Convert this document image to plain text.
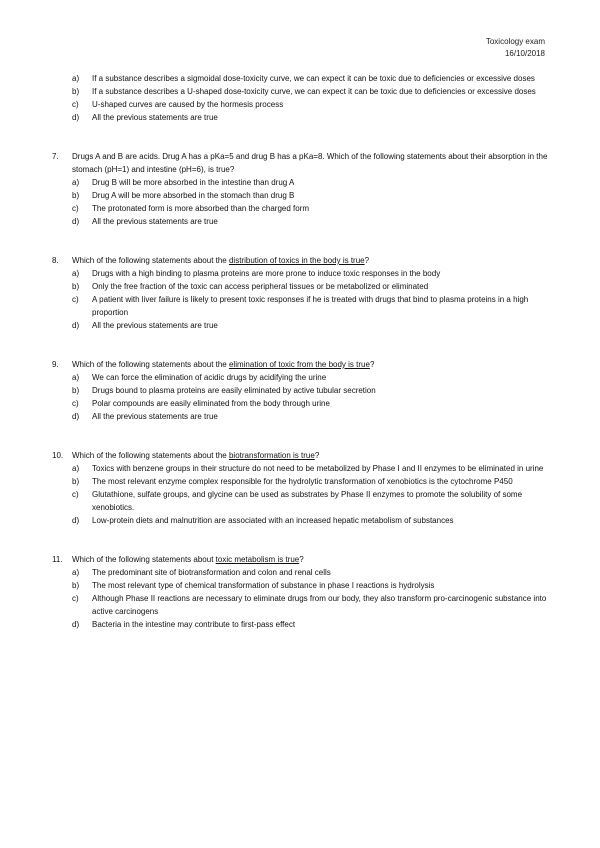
Toxicology exam
16/10/2018
a) If a substance describes a sigmoidal dose-toxicity curve, we can expect it can be toxic due to deficiencies or excessive doses
b) If a substance describes a U-shaped dose-toxicity curve, we can expect it can be toxic due to deficiencies or excessive doses
c) U-shaped curves are caused by the hormesis process
d) All the previous statements are true
7. Drugs A and B are acids. Drug A has a pKa=5 and drug B has a pKa=8. Which of the following statements about their absorption in the stomach (pH=1) and intestine (pH=6), is true?
a) Drug B will be more absorbed in the intestine than drug A
b) Drug A will be more absorbed in the stomach than drug B
c) The protonated form is more absorbed than the charged form
d) All the previous statements are true
8. Which of the following statements about the distribution of toxics in the body is true?
a) Drugs with a high binding to plasma proteins are more prone to induce toxic responses in the body
b) Only the free fraction of the toxic can access peripheral tissues or be metabolized or eliminated
c) A patient with liver failure is likely to present toxic responses if he is treated with drugs that bind to plasma proteins in a high proportion
d) All the previous statements are true
9. Which of the following statements about the elimination of toxic from the body is true?
a) We can force the elimination of acidic drugs by acidifying the urine
b) Drugs bound to plasma proteins are easily eliminated by active tubular secretion
c) Polar compounds are easily eliminated from the body through urine
d) All the previous statements are true
10. Which of the following statements about the biotransformation is true?
a) Toxics with benzene groups in their structure do not need to be metabolized by Phase I and II enzymes to be eliminated in urine
b) The most relevant enzyme complex responsible for the hydrolytic transformation of xenobiotics is the cytochrome P450
c) Glutathione, sulfate groups, and glycine can be used as substrates by Phase II enzymes to promote the solubility of some xenobiotics.
d) Low-protein diets and malnutrition are associated with an increased hepatic metabolism of substances
11. Which of the following statements about toxic metabolism is true?
a) The predominant site of biotransformation and colon and renal cells
b) The most relevant type of chemical transformation of substance in phase I reactions is hydrolysis
c) Although Phase II reactions are necessary to eliminate drugs from our body, they also transform pro-carcinogenic substance into active carcinogens
d) Bacteria in the intestine may contribute to first-pass effect
